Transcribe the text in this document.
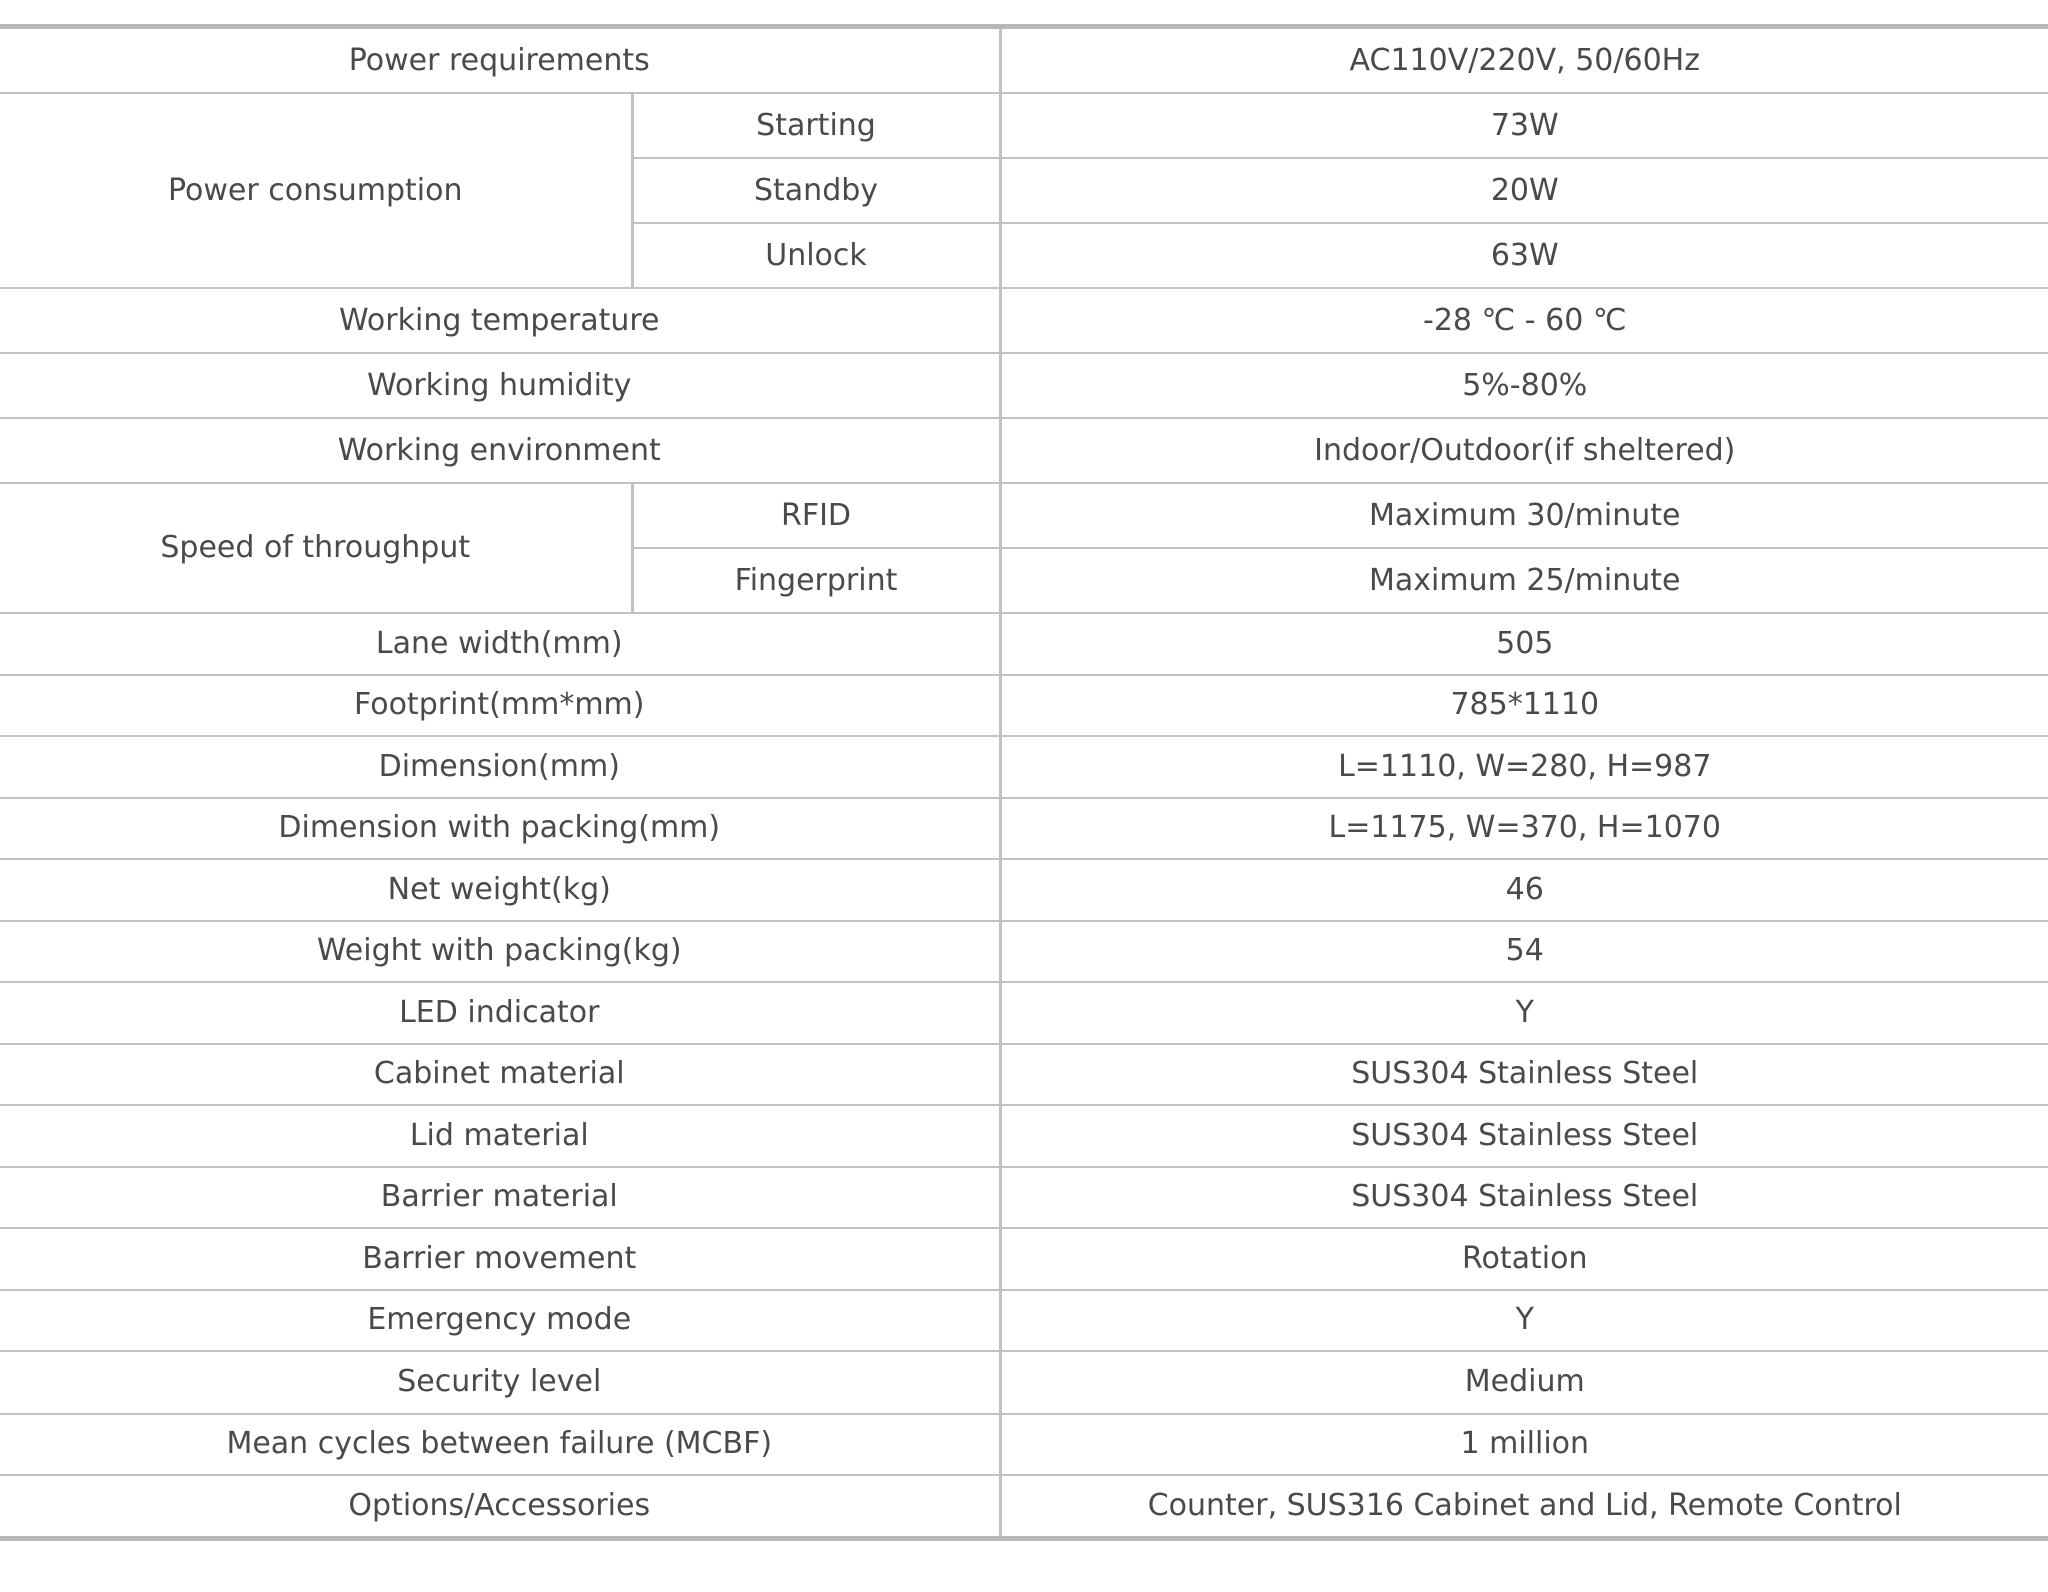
Power requirements		AC110V/220V, 50/60Hz
Power consumption	Starting	73W
	Standby	20W
	Unlock	63W
Working temperature		-28 ℃ - 60 ℃
Working humidity		5%-80%
Working environment		Indoor/Outdoor(if sheltered)
Speed of throughput	RFID	Maximum 30/minute
	Fingerprint	Maximum 25/minute
Lane width(mm)		505
Footprint(mm*mm)		785*1110
Dimension(mm)		L=1110, W=280, H=987
Dimension with packing(mm)		L=1175, W=370, H=1070
Net weight(kg)		46
Weight with packing(kg)		54
LED indicator		Y
Cabinet material		SUS304 Stainless Steel
Lid material		SUS304 Stainless Steel
Barrier material		SUS304 Stainless Steel
Barrier movement		Rotation
Emergency mode		Y
Security level		Medium
Mean cycles between failure (MCBF)		1 million
Options/Accessories		Counter, SUS316 Cabinet and Lid, Remote Control
